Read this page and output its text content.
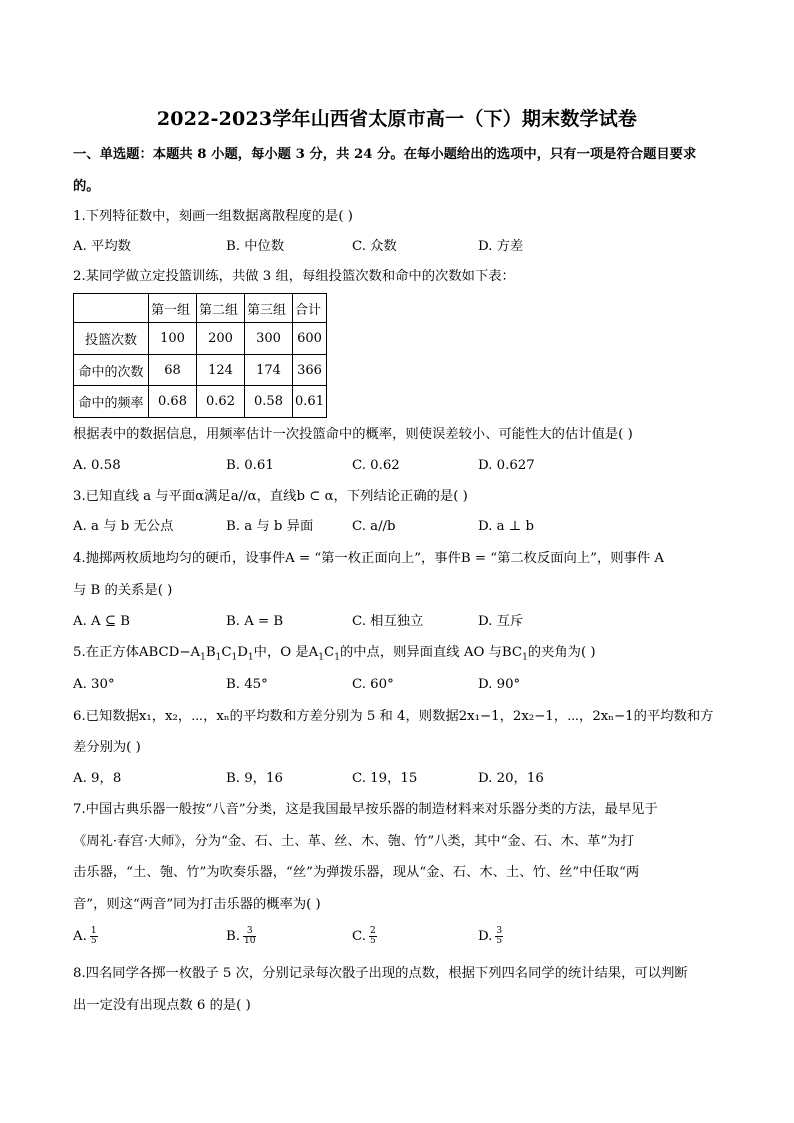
2022-2023学年山西省太原市高一（下）期末数学试卷
一、单选题：本题共 8 小题，每小题 3 分，共 24 分。在每小题给出的选项中，只有一项是符合题目要求
的。
1.下列特征数中，刻画一组数据离散程度的是( )
A. 平均数	B. 中位数	C. 众数	D. 方差
2.某同学做立定投篮训练，共做 3 组，每组投篮次数和命中的次数如下表：
	第一组	第二组	第三组	合计
投篮次数	100	200	300	600
命中的次数	68	124	174	366
命中的频率	0.68	0.62	0.58	0.61
根据表中的数据信息，用频率估计一次投篮命中的概率，则使误差较小、可能性大的估计值是( )
A. 0.58	B. 0.61	C. 0.62	D. 0.627
3.已知直线 a 与平面α满足a//α，直线b ⊂ α，下列结论正确的是( )
A. a 与 b 无公点	B. a 与 b 异面	C. a//b	D. a ⊥ b
4.抛掷两枚质地均匀的硬币，设事件A = “第一枚正面向上”，事件B = “第二枚反面向上”，则事件 A
与 B 的关系是( )
A. A ⊆ B	B. A = B	C. 相互独立	D. 互斥
5.在正方体$ABCD-A_1B_1C_1D_1$中，O 是$A_1C_1$的中点，则异面直线 AO 与$BC_1$的夹角为( )
A. 30°	B. 45°	C. 60°	D. 90°
6.已知数据x₁，x₂，⋯，xₙ的平均数和方差分别为 5 和 4，则数据2x₁−1，2x₂−1，⋯，2xₙ−1的平均数和方
差分别为( )
A. 9，8	B. 9，16	C. 19，15	D. 20，16
7.中国古典乐器一般按“八音”分类，这是我国最早按乐器的制造材料来对乐器分类的方法，最早见于
《周礼·春宫·大师》，分为“金、石、土、革、丝、木、匏、竹”八类，其中“金、石、木、革”为打
击乐器，“土、匏、竹”为吹奏乐器，“丝”为弹拨乐器，现从“金、石、木、土、竹、丝”中任取“两
音”，则这“两音”同为打击乐器的概率为( )
A. $\frac{1}{5}$	B. $\frac{3}{10}$	C. $\frac{2}{5}$	D. $\frac{3}{5}$
8.四名同学各掷一枚骰子 5 次，分别记录每次骰子出现的点数，根据下列四名同学的统计结果，可以判断
出一定没有出现点数 6 的是( )
